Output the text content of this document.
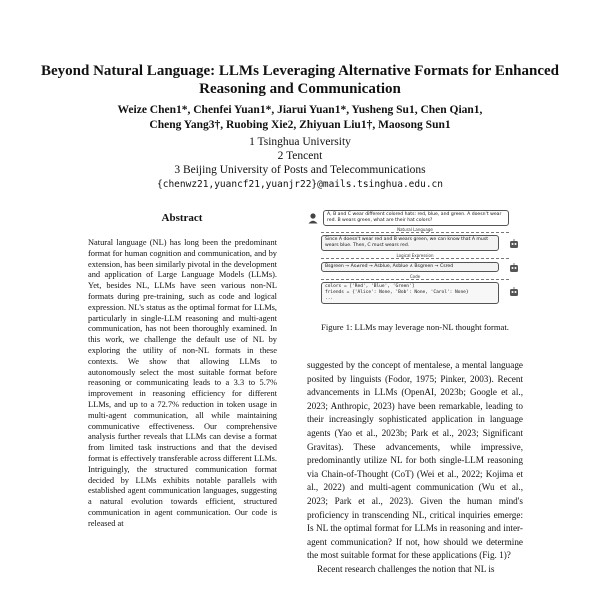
Beyond Natural Language: LLMs Leveraging Alternative Formats for Enhanced Reasoning and Communication
Weize Chen1*, Chenfei Yuan1*, Jiarui Yuan1*, Yusheng Su1, Chen Qian1,
Cheng Yang3†, Ruobing Xie2, Zhiyuan Liu1†, Maosong Sun1
1 Tsinghua University
2 Tencent
3 Beijing University of Posts and Telecommunications
{chenwz21,yuancf21,yuanjr22}@mails.tsinghua.edu.cn
Abstract
Natural language (NL) has long been the predominant format for human cognition and communication, and by extension, has been similarly pivotal in the development and application of Large Language Models (LLMs). Yet, besides NL, LLMs have seen various non-NL formats during pre-training, such as code and logical expression. NL's status as the optimal format for LLMs, particularly in single-LLM reasoning and multi-agent communication, has not been thoroughly examined. In this work, we challenge the default use of NL by exploring the utility of non-NL formats in these contexts. We show that allowing LLMs to autonomously select the most suitable format before reasoning or communicating leads to a 3.3 to 5.7% improvement in reasoning efficiency for different LLMs, and up to a 72.7% reduction in token usage in multi-agent communication, all while maintaining communicative effectiveness. Our comprehensive analysis further reveals that LLMs can devise a format from limited task instructions and that the devised format is effectively transferable across different LLMs. Intriguingly, the structured communication format decided by LLMs exhibits notable parallels with established agent communication languages, suggesting a natural evolution towards efficient, structured communication in agent communication. Our code is released at
A, B and C wear different colored hats: red, blue, and green. A doesn't wear red. B wears green, what are their hat colors?
Natural Language
Since A doesn't wear red and B wears green, we can know that A must wears blue. Then, C must wears red.
Logical Expression
Bsgreen → As≠red → Asblue, Asblue ∧ Bsgreen → Csred
Code
colors = ['Red', 'Blue', 'Green']
friends = {'Alice': None, 'Bob': None, 'Carol': None}
...
Figure 1: LLMs may leverage non-NL thought format.
suggested by the concept of mentalese, a mental language posited by linguists (Fodor, 1975; Pinker, 2003). Recent advancements in LLMs (OpenAI, 2023b; Google et al., 2023; Anthropic, 2023) have been remarkable, leading to their increasingly sophisticated application in language agents (Yao et al., 2023b; Park et al., 2023; Significant Gravitas). These advancements, while impressive, predominantly utilize NL for both single-LLM reasoning via Chain-of-Thought (CoT) (Wei et al., 2022; Kojima et al., 2022) and multi-agent communication (Wu et al., 2023; Park et al., 2023). Given the human mind's proficiency in transcending NL, critical inquiries emerge: Is NL the optimal format for LLMs in reasoning and inter-agent communication? If not, how should we determine the most suitable format for these applications (Fig. 1)?
Recent research challenges the notion that NL is
